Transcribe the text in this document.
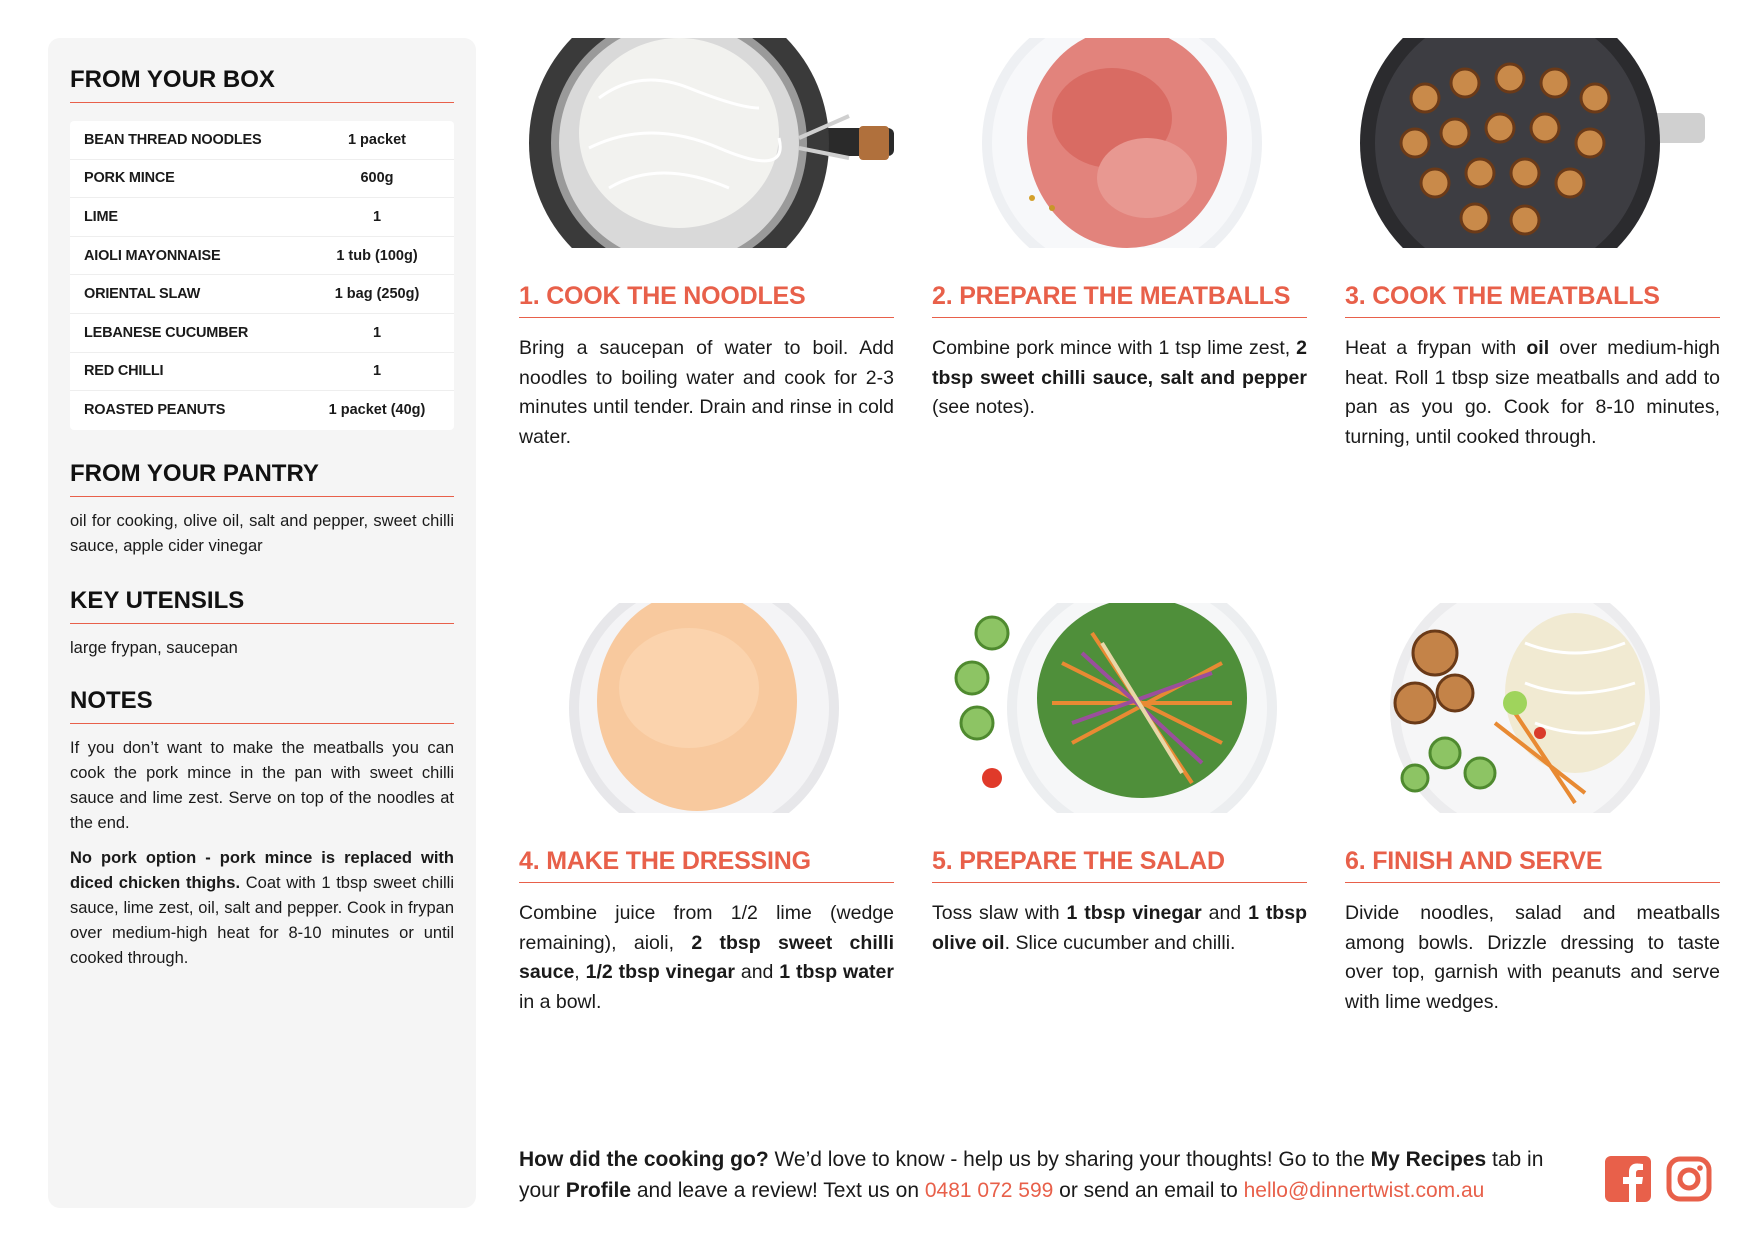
FROM YOUR BOX
BEAN THREAD NOODLES	1 packet
PORK MINCE	600g
LIME	1
AIOLI MAYONNAISE	1 tub (100g)
ORIENTAL SLAW	1 bag (250g)
LEBANESE CUCUMBER	1
RED CHILLI	1
ROASTED PEANUTS	1 packet (40g)
FROM YOUR PANTRY
oil for cooking, olive oil, salt and pepper, sweet chilli sauce, apple cider vinegar
KEY UTENSILS
large frypan, saucepan
NOTES
If you don’t want to make the meatballs you can cook the pork mince in the pan with sweet chilli sauce and lime zest. Serve on top of the noodles at the end.
No pork option - pork mince is replaced with diced chicken thighs. Coat with 1 tbsp sweet chilli sauce, lime zest, oil, salt and pepper. Cook in frypan over medium-high heat for 8-10 minutes or until cooked through.
1. COOK THE NOODLES
Bring a saucepan of water to boil. Add noodles to boiling water and cook for 2-3 minutes until tender. Drain and rinse in cold water.
2. PREPARE THE MEATBALLS
Combine pork mince with 1 tsp lime zest, 2 tbsp sweet chilli sauce, salt and pepper (see notes).
3. COOK THE MEATBALLS
Heat a frypan with oil over medium-high heat. Roll 1 tbsp size meatballs and add to pan as you go. Cook for 8-10 minutes, turning, until cooked through.
4. MAKE THE DRESSING
Combine juice from 1/2 lime (wedge remaining), aioli, 2 tbsp sweet chilli sauce, 1/2 tbsp vinegar and 1 tbsp water in a bowl.
5. PREPARE THE SALAD
Toss slaw with 1 tbsp vinegar and 1 tbsp olive oil. Slice cucumber and chilli.
6. FINISH AND SERVE
Divide noodles, salad and meatballs among bowls. Drizzle dressing to taste over top, garnish with peanuts and serve with lime wedges.
How did the cooking go? We’d love to know - help us by sharing your thoughts! Go to the My Recipes tab in your Profile and leave a review! Text us on 0481 072 599 or send an email to hello@dinnertwist.com.au
